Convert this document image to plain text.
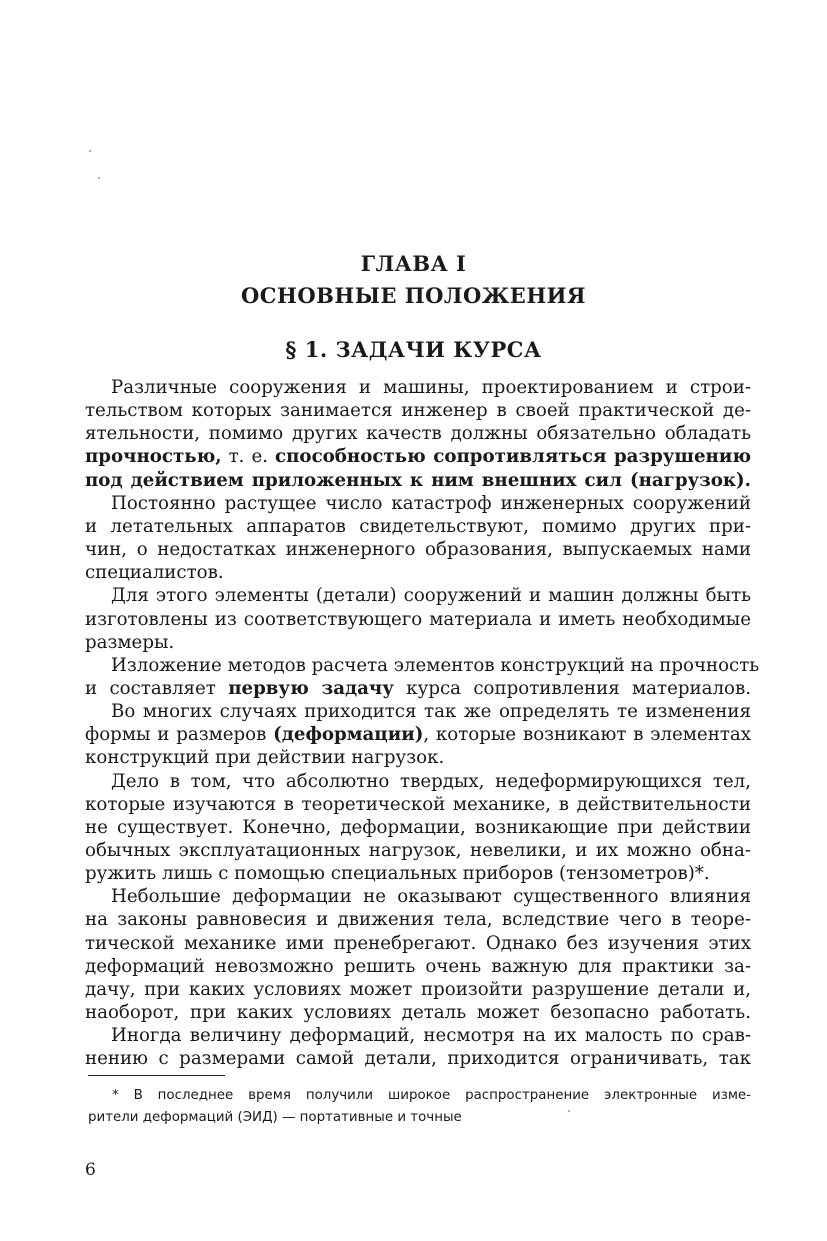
ГЛАВА I
ОСНОВНЫЕ ПОЛОЖЕНИЯ
§ 1. ЗАДАЧИ КУРСА
Различные сооружения и машины, проектированием и строи-
тельством которых занимается инженер в своей практической де-
ятельности, помимо других качеств должны обязательно обладать
прочностью, т. е. способностью сопротивляться разрушению
под действием приложенных к ним внешних сил (нагрузок).
Постоянно растущее число катастроф инженерных сооружений
и летательных аппаратов свидетельствуют, помимо других при-
чин, о недостатках инженерного образования, выпускаемых нами
специалистов.
Для этого элементы (детали) сооружений и машин должны быть
изготовлены из соответствующего материала и иметь необходимые
размеры.
Изложение методов расчета элементов конструкций на прочность
и составляет первую задачу курса сопротивления материалов.
Во многих случаях приходится так же определять те изменения
формы и размеров (деформации), которые возникают в элементах
конструкций при действии нагрузок.
Дело в том, что абсолютно твердых, недеформирующихся тел,
которые изучаются в теоретической механике, в действительности
не существует. Конечно, деформации, возникающие при действии
обычных эксплуатационных нагрузок, невелики, и их можно обна-
ружить лишь с помощью специальных приборов (тензометров)*.
Небольшие деформации не оказывают существенного влияния
на законы равновесия и движения тела, вследствие чего в теоре-
тической механике ими пренебрегают. Однако без изучения этих
деформаций невозможно решить очень важную для практики за-
дачу, при каких условиях может произойти разрушение детали и,
наоборот, при каких условиях деталь может безопасно работать.
Иногда величину деформаций, несмотря на их малость по срав-
нению с размерами самой детали, приходится ограничивать, так
* В последнее время получили широкое распространение электронные изме-
рители деформаций (ЭИД) — портативные и точные
6
